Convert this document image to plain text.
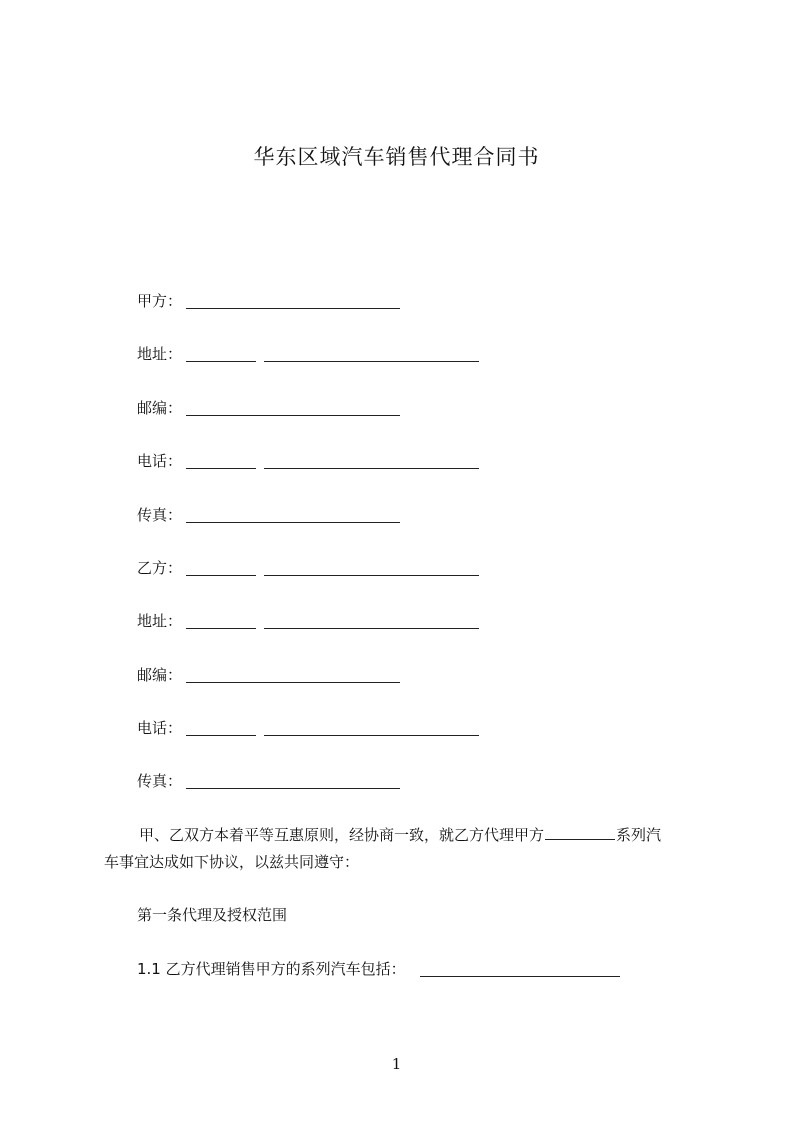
华东区域汽车销售代理合同书
甲方：
地址：
邮编：
电话：
传真：
乙方：
地址：
邮编：
电话：
传真：
甲、乙双方本着平等互惠原则，经协商一致，就乙方代理甲方	系列汽
车事宜达成如下协议，以兹共同遵守：
第一条代理及授权范围
1.1 乙方代理销售甲方的系列汽车包括：
1
